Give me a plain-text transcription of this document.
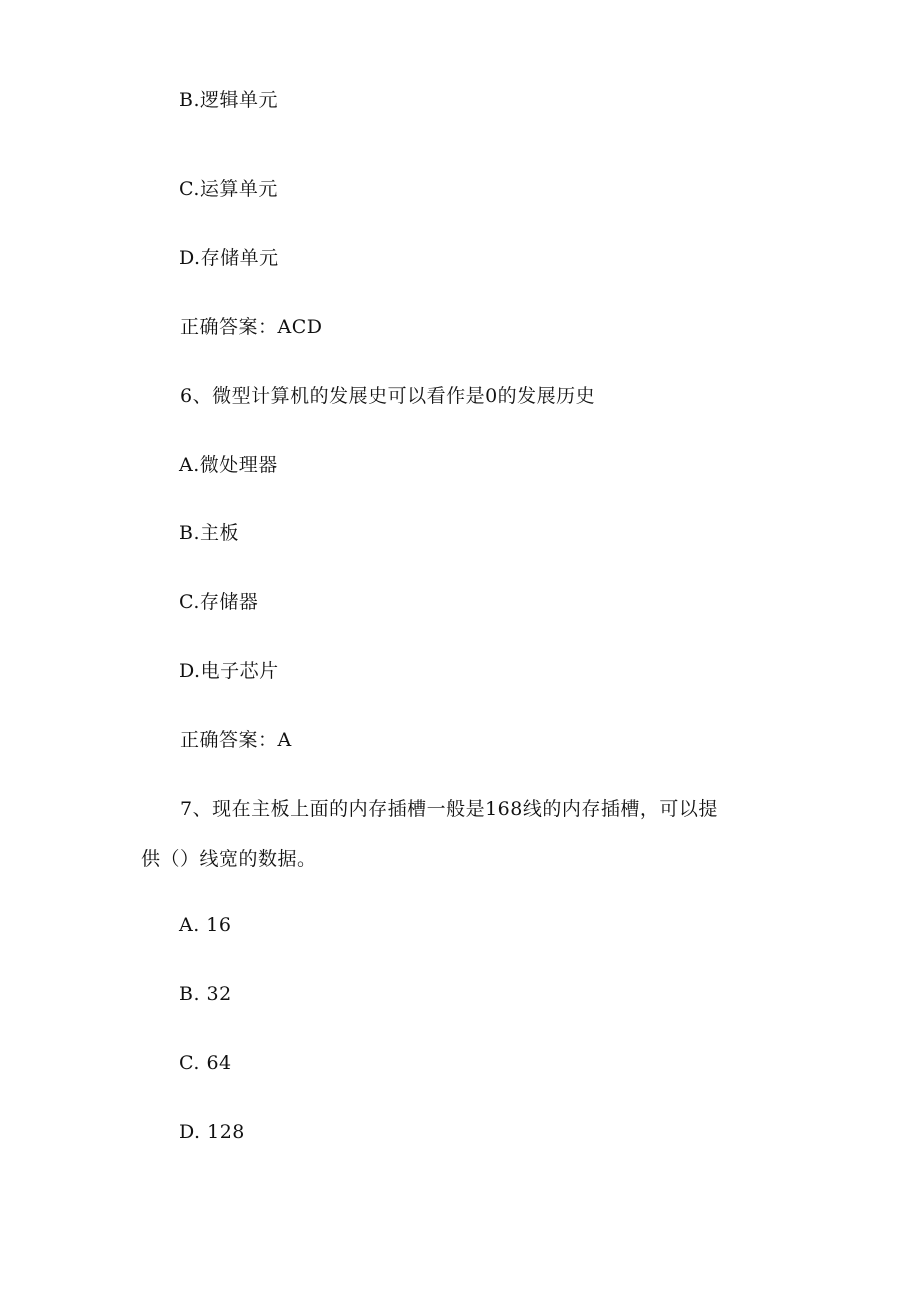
B.逻辑单元
C.运算单元
D.存储单元
正确答案：ACD
6、微型计算机的发展史可以看作是0的发展历史
A.微处理器
B.主板
C.存储器
D.电子芯片
正确答案：A
7、现在主板上面的内存插槽一般是168线的内存插槽，可以提
供（）线宽的数据。
A. 16
B. 32
C. 64
D. 128
